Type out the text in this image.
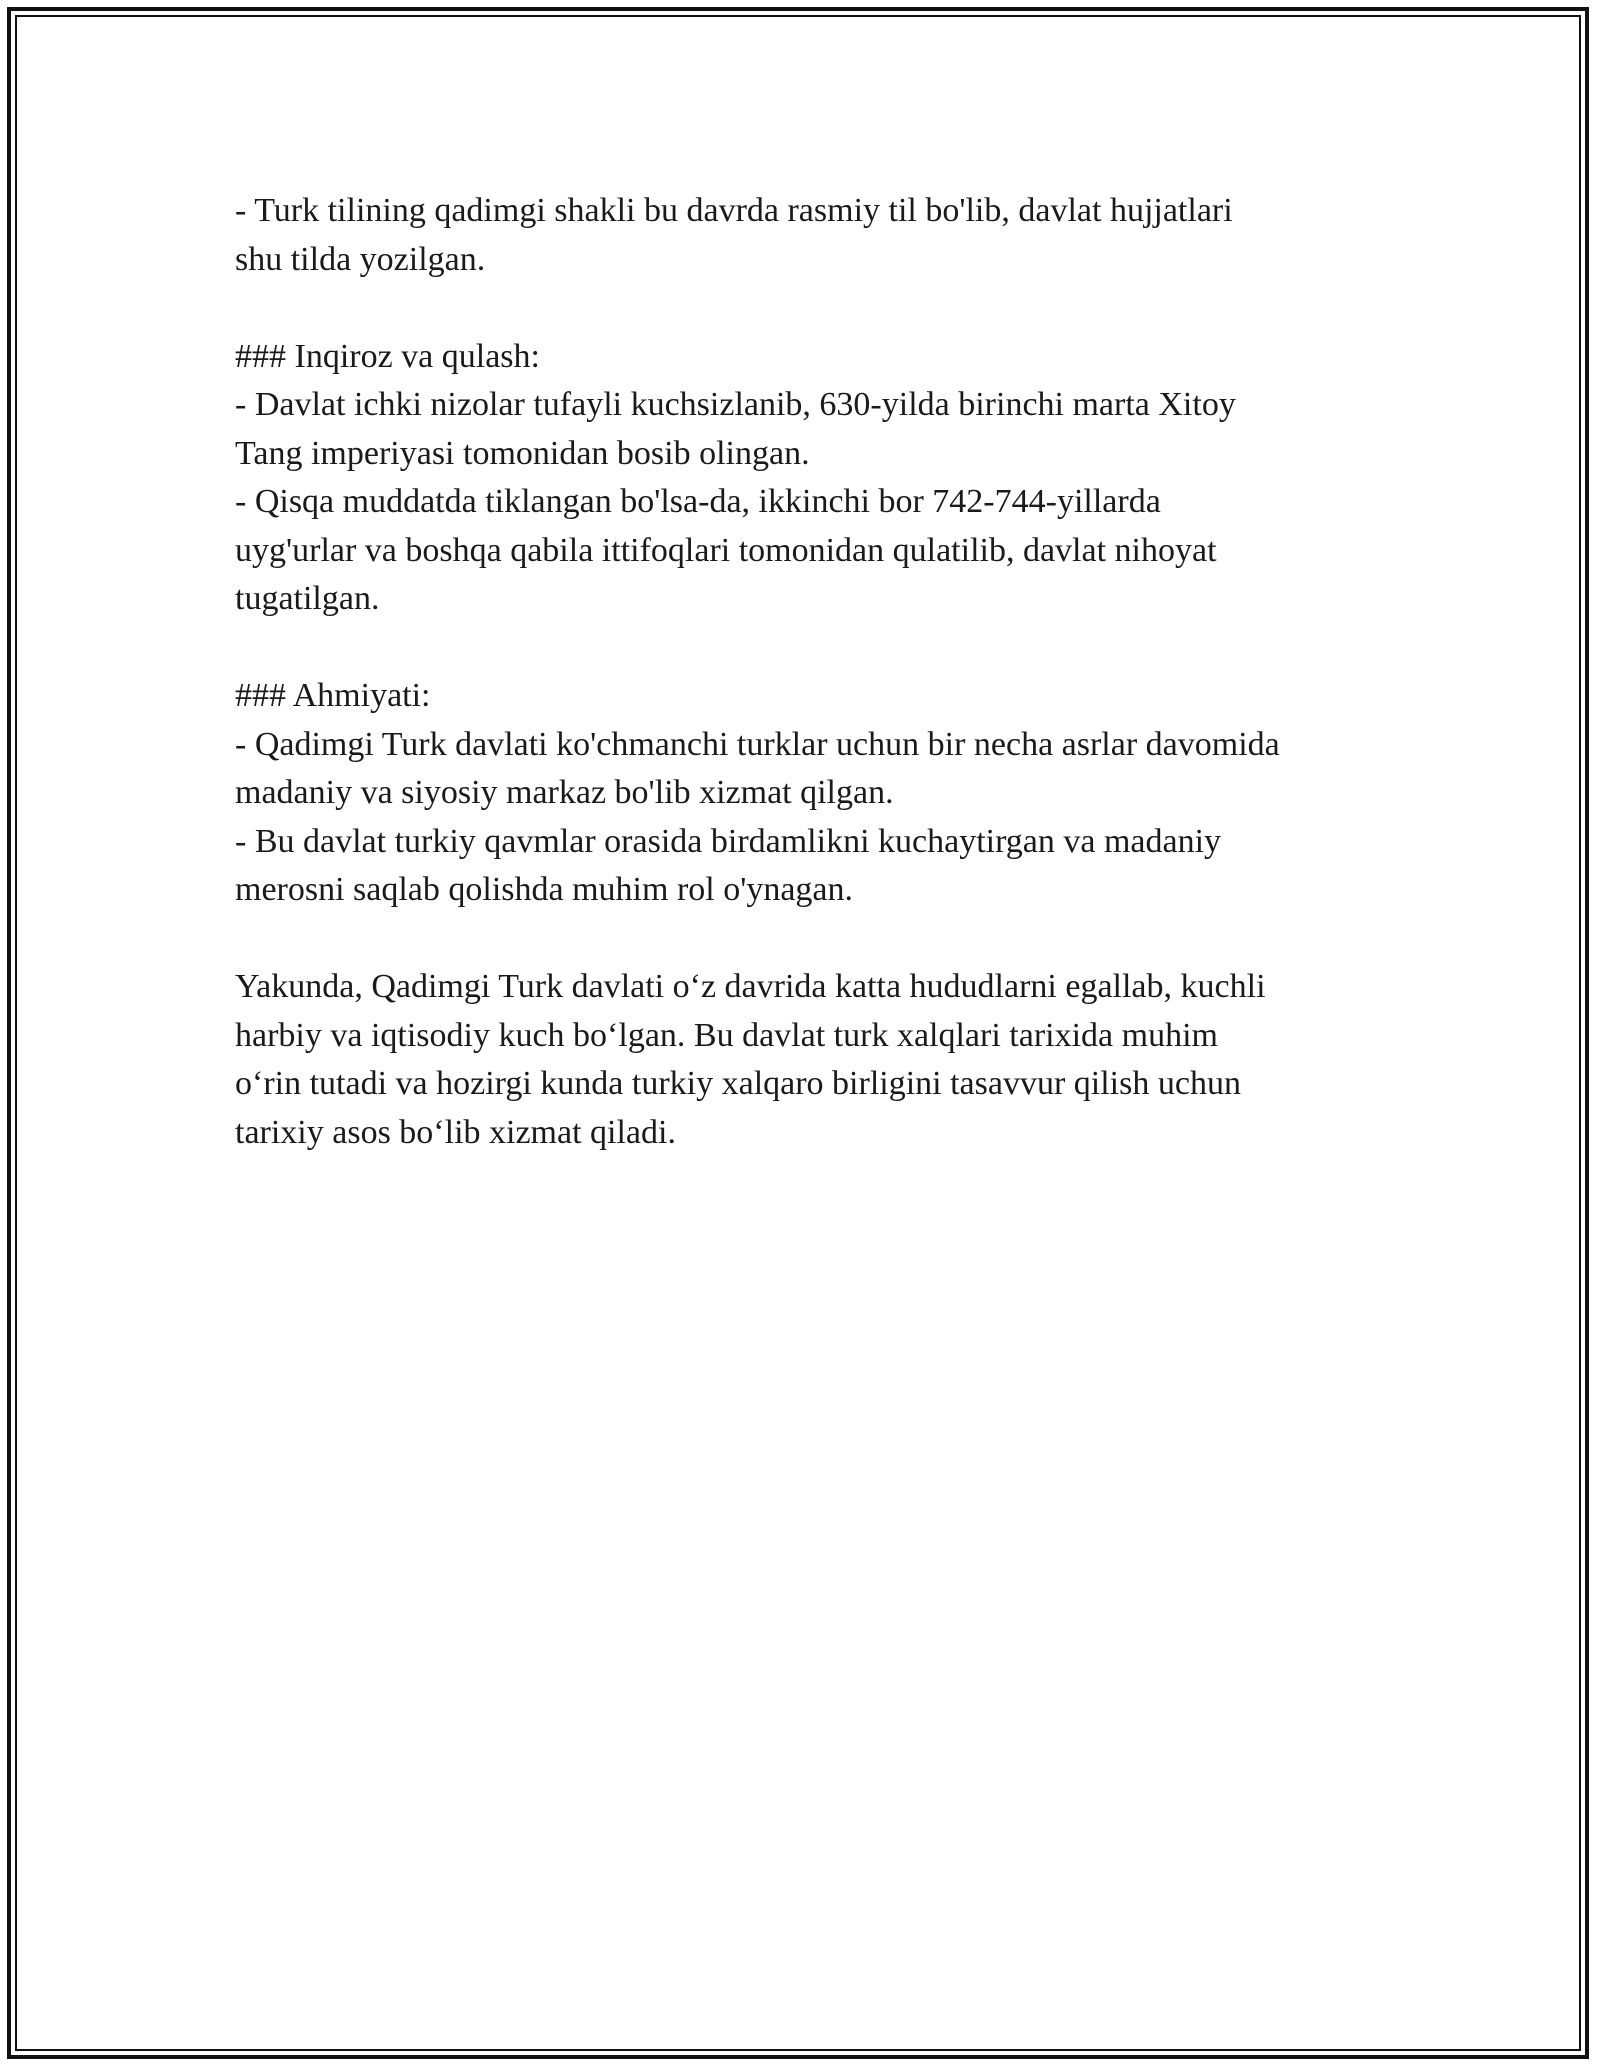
- Turk tilining qadimgi shakli bu davrda rasmiy til bo'lib, davlat hujjatlari

shu tilda yozilgan.

### Inqiroz va qulash:

- Davlat ichki nizolar tufayli kuchsizlanib, 630-yilda birinchi marta Xitoy

Tang imperiyasi tomonidan bosib olingan.

- Qisqa muddatda tiklangan bo'lsa-da, ikkinchi bor 742-744-yillarda

uyg'urlar va boshqa qabila ittifoqlari tomonidan qulatilib, davlat nihoyat

tugatilgan.

### Ahmiyati:

- Qadimgi Turk davlati ko'chmanchi turklar uchun bir necha asrlar davomida

madaniy va siyosiy markaz bo'lib xizmat qilgan.

- Bu davlat turkiy qavmlar orasida birdamlikni kuchaytirgan va madaniy

merosni saqlab qolishda muhim rol o'ynagan.

Yakunda, Qadimgi Turk davlati o‘z davrida katta hududlarni egallab, kuchli

harbiy va iqtisodiy kuch bo‘lgan. Bu davlat turk xalqlari tarixida muhim

o‘rin tutadi va hozirgi kunda turkiy xalqaro birligini tasavvur qilish uchun

tarixiy asos bo‘lib xizmat qiladi.
